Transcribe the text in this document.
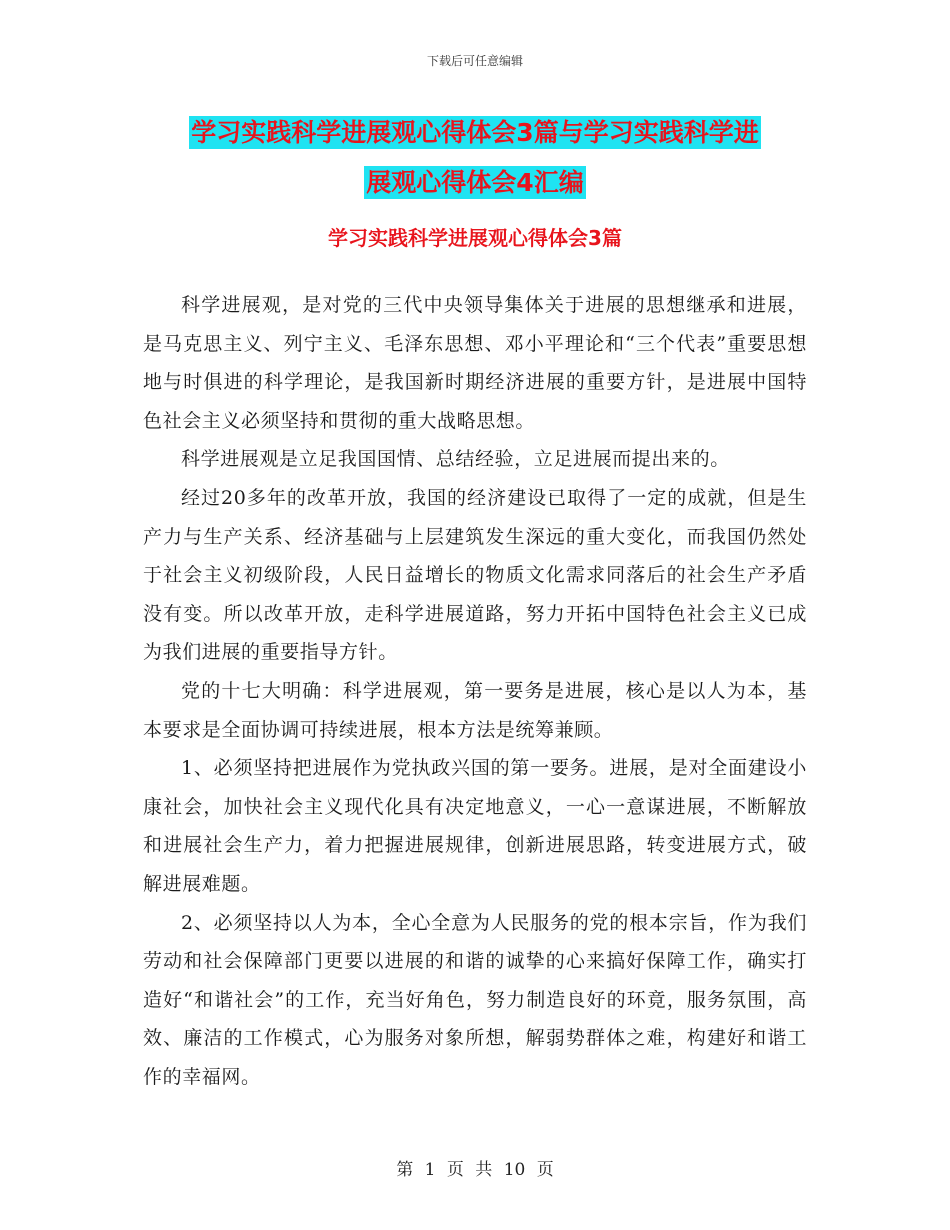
下载后可任意编辑
学习实践科学进展观心得体会3篇与学习实践科学进
展观心得体会4汇编
学习实践科学进展观心得体会3篇

科学进展观，是对党的三代中央领导集体关于进展的思想继承和进展，是马克思主义、列宁主义、毛泽东思想、邓小平理论和“三个代表”重要思想地与时俱进的科学理论，是我国新时期经济进展的重要方针，是进展中国特色社会主义必须坚持和贯彻的重大战略思想。

科学进展观是立足我国国情、总结经验，立足进展而提出来的。

经过20多年的改革开放，我国的经济建设已取得了一定的成就，但是生产力与生产关系、经济基础与上层建筑发生深远的重大变化，而我国仍然处于社会主义初级阶段，人民日益增长的物质文化需求同落后的社会生产矛盾没有变。所以改革开放，走科学进展道路，努力开拓中国特色社会主义已成为我们进展的重要指导方针。

党的十七大明确：科学进展观，第一要务是进展，核心是以人为本，基本要求是全面协调可持续进展，根本方法是统筹兼顾。

1、必须坚持把进展作为党执政兴国的第一要务。进展，是对全面建设小康社会，加快社会主义现代化具有决定地意义，一心一意谋进展，不断解放和进展社会生产力，着力把握进展规律，创新进展思路，转变进展方式，破解进展难题。

2、必须坚持以人为本，全心全意为人民服务的党的根本宗旨，作为我们劳动和社会保障部门更要以进展的和谐的诚挚的心来搞好保障工作，确实打造好“和谐社会”的工作，充当好角色，努力制造良好的环竟，服务氛围，高效、廉洁的工作模式，心为服务对象所想，解弱势群体之难，构建好和谐工作的幸福网。

第 1 页 共 10 页
